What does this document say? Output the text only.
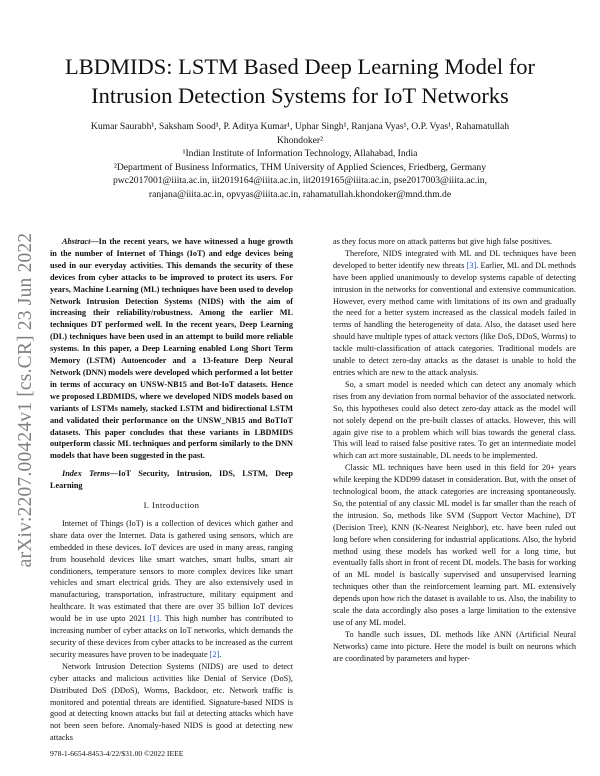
arXiv:2207.00424v1 [cs.CR] 23 Jun 2022
LBDMIDS: LSTM Based Deep Learning Model for
Intrusion Detection Systems for IoT Networks

Kumar Saurabh¹, Saksham Sood¹, P. Aditya Kumar¹, Uphar Singh¹, Ranjana Vyas¹, O.P. Vyas¹, Rahamatullah

Khondoker²

¹Indian Institute of Information Technology, Allahabad, India

²Department of Business Informatics, THM University of Applied Sciences, Friedberg, Germany

pwc2017001@iiita.ac.in, iit2019164@iiita.ac.in, iit2019165@iiita.ac.in, pse2017003@iiita.ac.in,

ranjana@iiita.ac.in, opvyas@iiita.ac.in, rahamatullah.khondoker@mnd.thm.de

Abstract—In the recent years, we have witnessed a huge growth in the number of Internet of Things (IoT) and edge devices being used in our everyday activities. This demands the security of these devices from cyber attacks to be improved to protect its users. For years, Machine Learning (ML) techniques have been used to develop Network Intrusion Detection Systems (NIDS) with the aim of increasing their reliability/robustness. Among the earlier ML techniques DT performed well. In the recent years, Deep Learning (DL) techniques have been used in an attempt to build more reliable systems. In this paper, a Deep Learning enabled Long Short Term Memory (LSTM) Autoencoder and a 13-feature Deep Neural Network (DNN) models were developed which performed a lot better in terms of accuracy on UNSW-NB15 and Bot-IoT datasets. Hence we proposed LBDMIDS, where we developed NIDS models based on variants of LSTMs namely, stacked LSTM and bidirectional LSTM and validated their performance on the UNSW_NB15 and BoTIoT datasets. This paper concludes that these variants in LBDMIDS outperform classic ML techniques and perform similarly to the DNN models that have been suggested in the past.

Index Terms—IoT Security, Intrusion, IDS, LSTM, Deep Learning

I. Introduction

Internet of Things (IoT) is a collection of devices which gather and share data over the Internet. Data is gathered using sensors, which are embedded in these devices. IoT devices are used in many areas, ranging from household devices like smart watches, smart bulbs, smart air conditioners, temperature sensors to more complex devices like smart vehicles and smart electrical grids. They are also extensively used in manufacturing, transportation, infrastructure, military equipment and healthcare. It was estimated that there are over 35 billion IoT devices would be in use upto 2021 [1]. This high number has contributed to increasing number of cyber attacks on IoT networks, which demands the security of these devices from cyber attacks to be increased as the current security measures have proven to be inadequate [2].

Network Intrusion Detection Systems (NIDS) are used to detect cyber attacks and malicious activities like Denial of Service (DoS), Distributed DoS (DDoS), Worms, Backdoor, etc. Network traffic is monitored and potential threats are identified. Signature-based NIDS is good at detecting known attacks but fail at detecting attacks which have not been seen before. Anomaly-based NIDS is good at detecting new attacks

as they focus more on attack patterns but give high false positives.

Therefore, NIDS integrated with ML and DL techniques have been developed to better identify new threats [3]. Earlier, ML and DL methods have been applied unanimously to develop systems capable of detecting intrusion in the networks for conventional and extensive communication. However, every method came with limitations of its own and gradually the need for a better system increased as the classical models failed in terms of handling the heterogeneity of data. Also, the dataset used here should have multiple types of attack vectors (like DoS, DDoS, Worms) to tackle multi-classification of attack categories. Traditional models are unable to detect zero-day attacks as the dataset is unable to hold the entries which are new to the attack analysis.

So, a smart model is needed which can detect any anomaly which rises from any deviation from normal behavior of the associated network. So, this hypotheses could also detect zero-day attack as the model will not solely depend on the pre-built classes of attacks. However, this will again give rise to a problem which will bias towards the general class. This will lead to raised false positive rates. To get an intermediate model which can act more sustainable, DL needs to be implemented.

Classic ML techniques have been used in this field for 20+ years while keeping the KDD99 dataset in consideration. But, with the onset of technological boom, the attack categories are increasing spontaneously. So, the potential of any classic ML model is far smaller than the reach of the intrusion. So, methods like SVM (Support Vector Machine), DT (Decision Tree), KNN (K-Nearest Neighbor), etc. have been ruled out long before when considering for industrial applications. Also, the hybrid method using these models has worked well for a long time, but eventually falls short in front of recent DL models. The basis for working of an ML model is basically supervised and unsupervised learning techniques other than the reinforcement learning part. ML extensively depends upon how rich the dataset is available to us. Also, the inability to scale the data accordingly also poses a large limitation to the extensive use of any ML model.

To handle such issues, DL methods like ANN (Artificial Neural Networks) came into picture. Here the model is built on neurons which are coordinated by parameters and hyper-

978-1-6654-8453-4/22/$31.00 ©2022 IEEE
